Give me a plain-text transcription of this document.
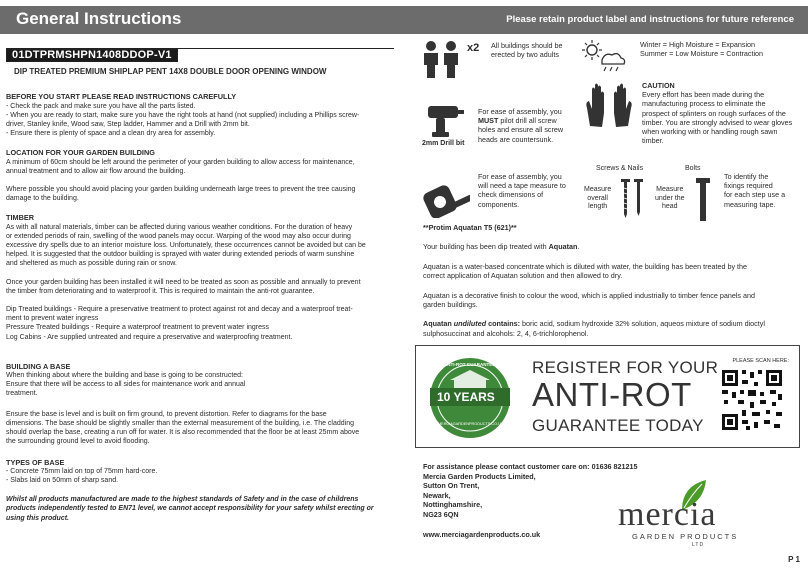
General Instructions	Please retain product label and instructions for future reference
01DTPRMSHPN1408DDOP-V1
DIP TREATED PREMIUM SHIPLAP PENT 14X8 DOUBLE DOOR OPENING WINDOW
BEFORE YOU START PLEASE READ INSTRUCTIONS CAREFULLY
- Check the pack and make sure you have all the parts listed.
- When you are ready to start, make sure you have the right tools at hand (not supplied) including a Phillips screw-
driver, Stanley knife, Wood saw, Step ladder, Hammer and a Drill with 2mm bit.
- Ensure there is plenty of space and a clean dry area for assembly.
LOCATION FOR YOUR GARDEN BUILDING
A minimum of 60cm should be left around the perimeter of your garden building to allow access for maintenance,
annual treatment and to allow air flow around the building.
Where possible you should avoid placing your garden building underneath large trees to prevent the tree causing
damage to the building.
TIMBER
As with all natural materials, timber can be affected during various weather conditions. For the duration of heavy
or extended periods of rain, swelling of the wood panels may occur. Warping of the wood may also occur during
excessive dry spells due to an interior moisture loss. Unfortunately, these occurrences cannot be avoided but can be
helped. It is suggested that the outdoor building is sprayed with water during extended periods of warm sunshine
and sheltered as much as possible during rain or snow.
Once your garden building has been installed it will need to be treated as soon as possible and annually to prevent
the timber from deteriorating and to waterproof it. This is required to maintain the anti-rot guarantee.
Dip Treated buildings - Require a preservative treatment to protect against rot and decay and a waterproof treat-
ment to prevent water ingress
Pressure Treated buildings - Require a waterproof treatment to prevent water ingress
Log Cabins - Are supplied untreated and require a preservative and waterproofing treatment.
BUILDING A BASE
When thinking about where the building and base is going to be constructed:
Ensure that there will be access to all sides for maintenance work and annual
treatment.
Ensure the base is level and is built on firm ground, to prevent distortion. Refer to diagrams for the base
dimensions. The base should be slightly smaller than the external measurement of the building, i.e. The cladding
should overlap the base, creating a run off for water. It is also recommended that the floor be at least 25mm above
the surrounding ground level to avoid flooding.
TYPES OF BASE
- Concrete 75mm laid on top of 75mm hard-core.
- Slabs laid on 50mm of sharp sand.
Whilst all products manufactured are made to the highest standards of Safety and in the case of childrens
products independently tested to EN71 level, we cannot accept responsibility for your safety whilst erecting or
using this product.
x2 All buildings should be
erected by two adults
Winter = High Moisture = Expansion
Summer = Low Moisture = Contraction
CAUTION
Every effort has been made during the
manufacturing process to eliminate the
prospect of splinters on rough surfaces of the
timber. You are strongly advised to wear gloves
when working with or handling rough sawn
timber.
2mm Drill bit
For ease of assembly, you
MUST pilot drill all screw
holes and ensure all screw
heads are countersunk.
For ease of assembly, you
will need a tape measure to
check dimensions of
components.
Screws & Nails	Bolts
Measure
overall
length
Measure
under the
head
To identify the
fixings required
for each step use a
measuring tape.
**Protim Aquatan T5 (621)**
Your building has been dip treated with Aquatan.
Aquatan is a water-based concentrate which is diluted with water, the building has been treated by the
correct application of Aquatan solution and then allowed to dry.
Aquatan is a decorative finish to colour the wood, which is applied industrially to timber fence panels and
garden buildings.
Aquatan undiluted contains: boric acid, sodium hydroxide 32% solution, aqueos mixture of sodium dioctyl
sulphosuccinat and alcohols: 2, 4, 6-trichlorophenol.
ANTI-ROT GUARANTEE
10 YEARS
MERCIAGARDENPRODUCTS.CO.UK
REGISTER FOR YOUR
ANTI-ROT
GUARANTEE TODAY
PLEASE SCAN HERE:
For assistance please contact customer care on: 01636 821215
Mercia Garden Products Limited,
Sutton On Trent,
Newark,
Nottinghamshire,
NG23 6QN
www.merciagardenproducts.co.uk
mercia
GARDEN PRODUCTS
LTD
P 1
